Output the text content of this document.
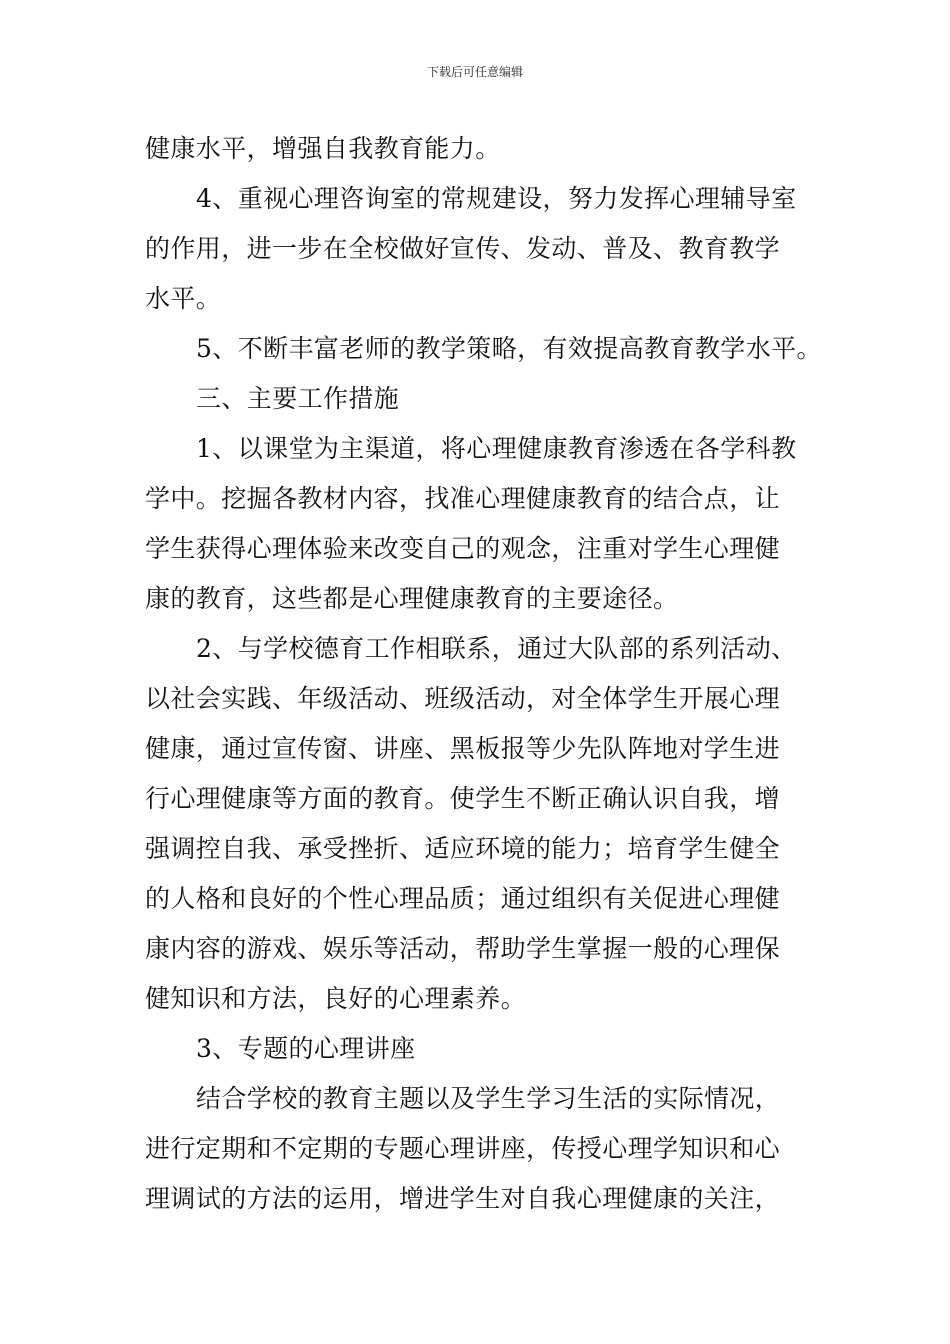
下载后可任意编辑
健康水平，增强自我教育能力。
4、重视心理咨询室的常规建设，努力发挥心理辅导室
的作用，进一步在全校做好宣传、发动、普及、教育教学
水平。
5、不断丰富老师的教学策略，有效提高教育教学水平。
三、主要工作措施
1、以课堂为主渠道，将心理健康教育渗透在各学科教
学中。挖掘各教材内容，找准心理健康教育的结合点，让
学生获得心理体验来改变自己的观念，注重对学生心理健
康的教育，这些都是心理健康教育的主要途径。
2、与学校德育工作相联系，通过大队部的系列活动、
以社会实践、年级活动、班级活动，对全体学生开展心理
健康，通过宣传窗、讲座、黑板报等少先队阵地对学生进
行心理健康等方面的教育。使学生不断正确认识自我，增
强调控自我、承受挫折、适应环境的能力；培育学生健全
的人格和良好的个性心理品质；通过组织有关促进心理健
康内容的游戏、娱乐等活动，帮助学生掌握一般的心理保
健知识和方法，良好的心理素养。
3、专题的心理讲座
结合学校的教育主题以及学生学习生活的实际情况，
进行定期和不定期的专题心理讲座，传授心理学知识和心
理调试的方法的运用，增进学生对自我心理健康的关注，
